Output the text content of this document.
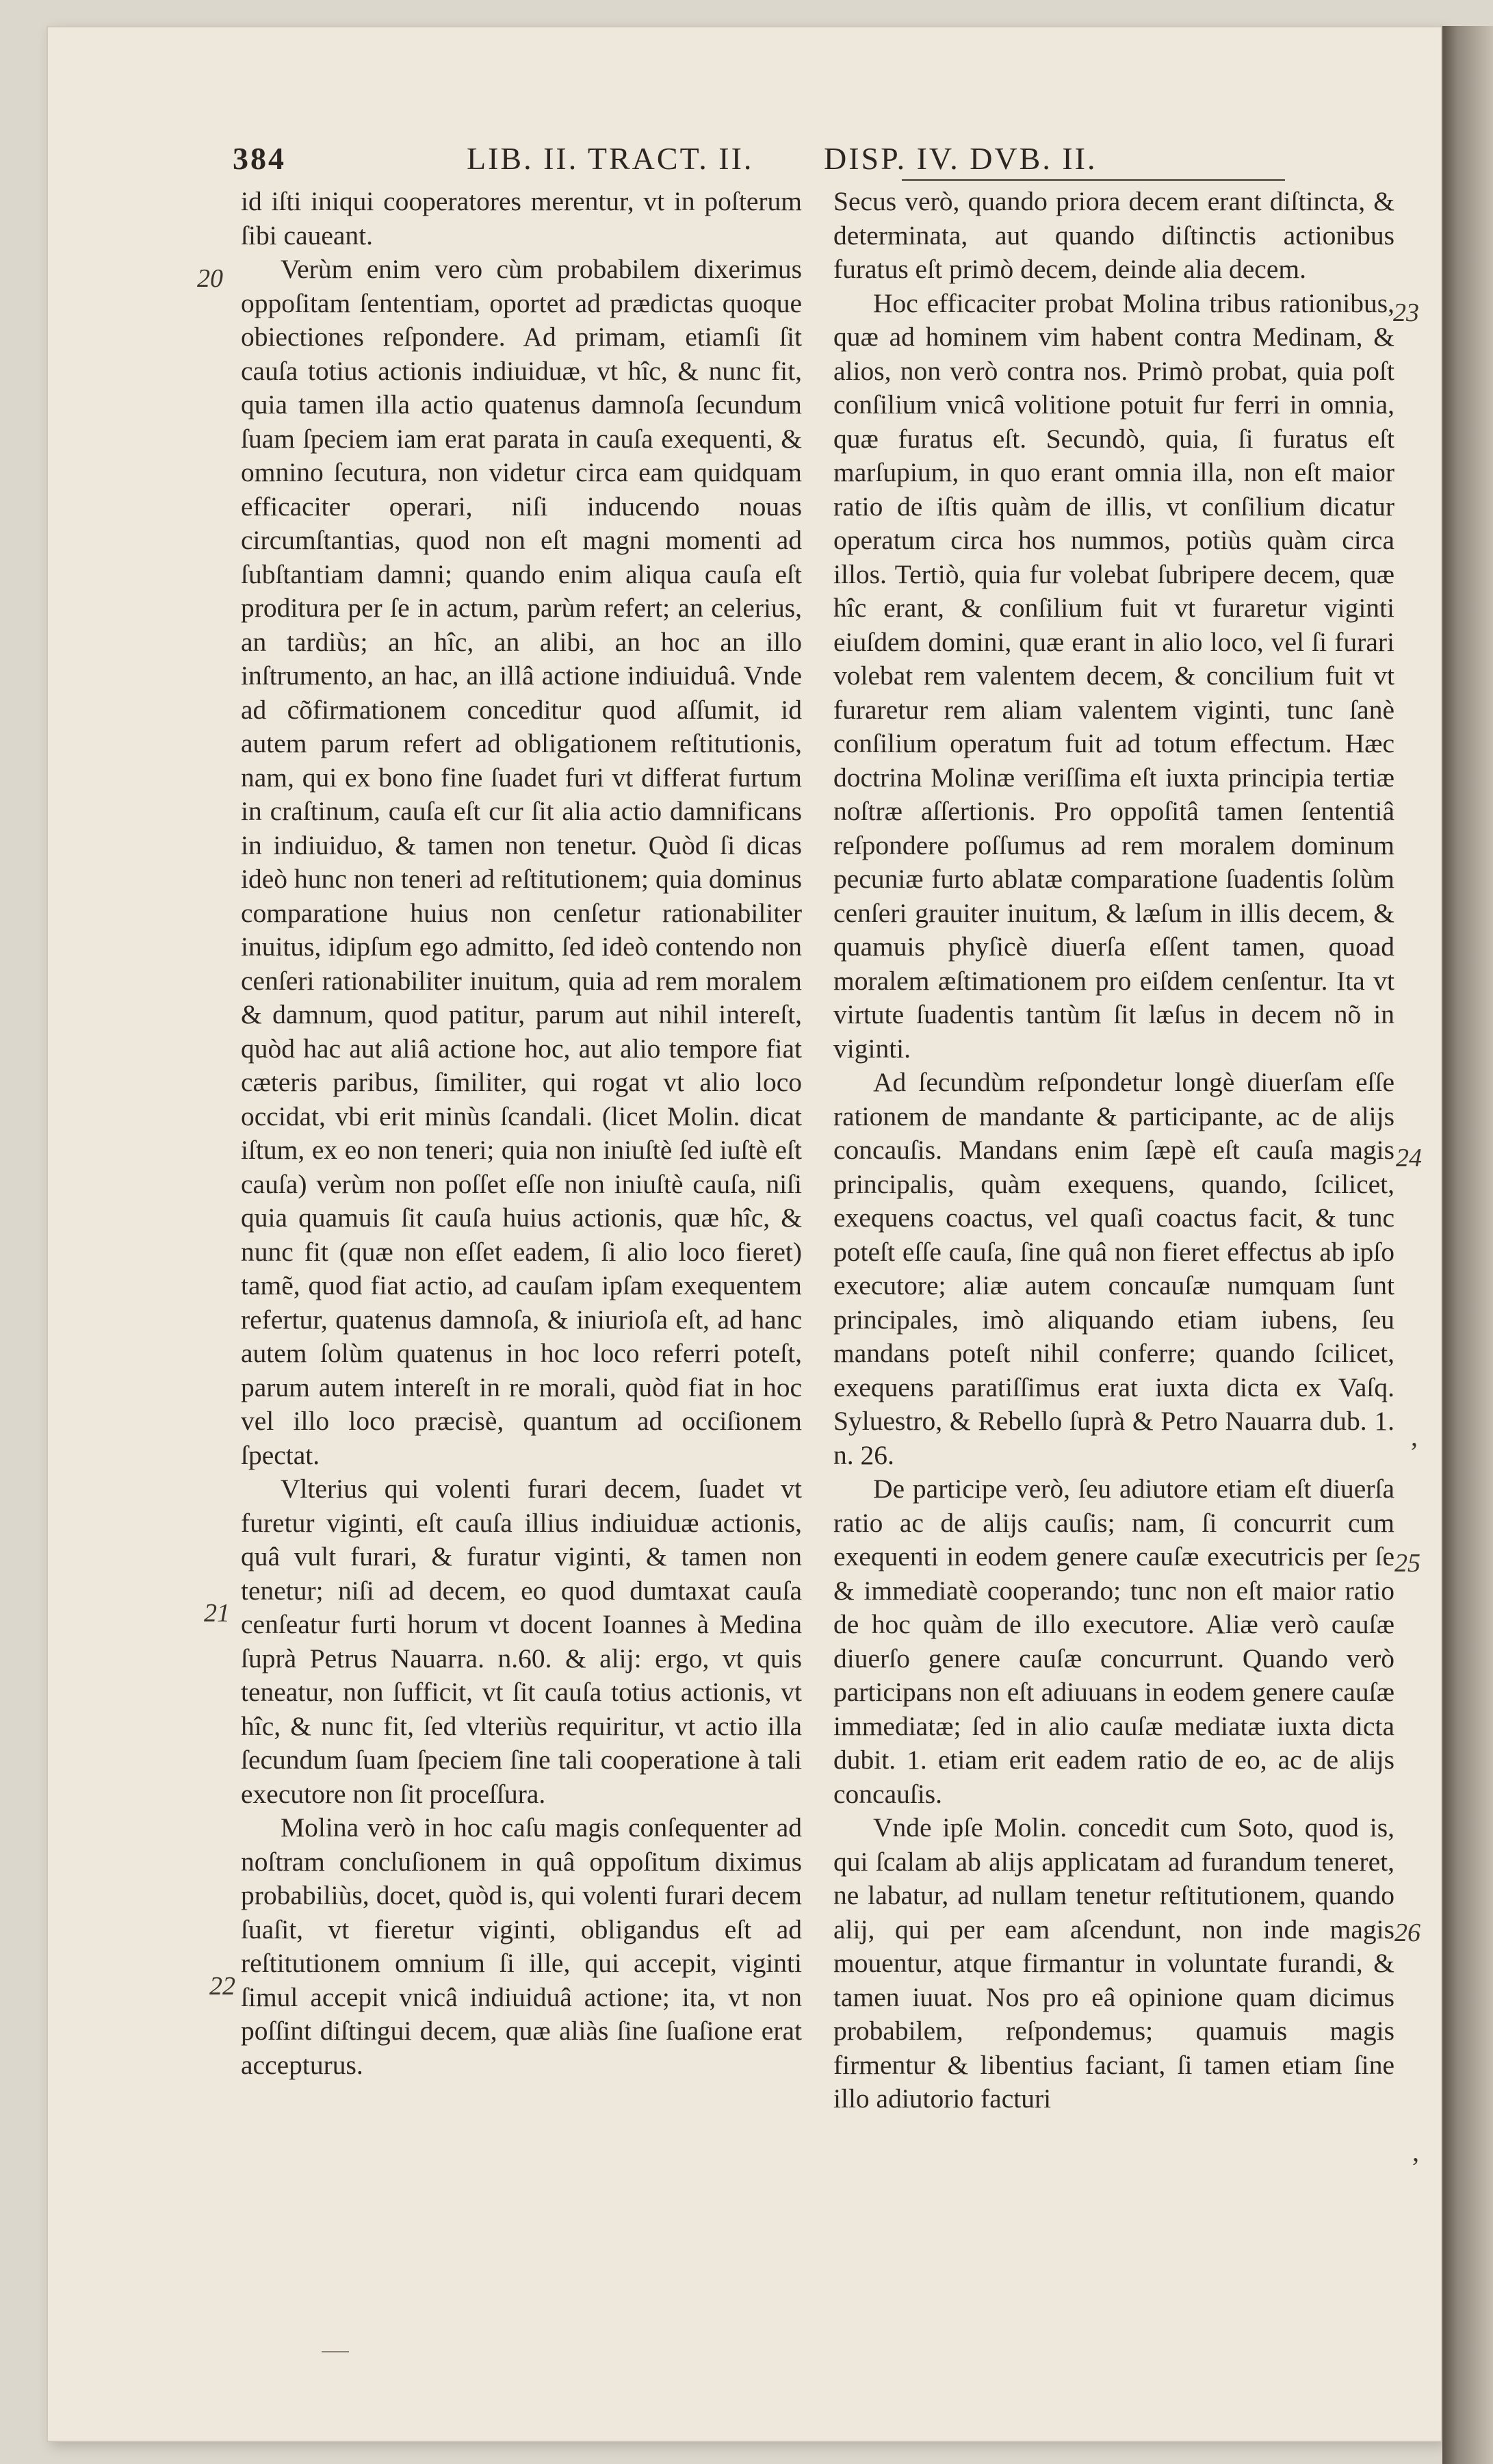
384	LIB. II. TRACT. II. DISP. IV. DVB. II.

id iſti iniqui cooperatores merentur, vt in poſterum ſibi caueant.

Verùm enim vero cùm probabilem dixerimus oppoſitam ſententiam, oportet ad prædictas quoque obiectiones reſpondere. Ad primam, etiamſi ſit cauſa totius actionis indiuiduæ, vt hîc, & nunc fit, quia tamen illa actio quatenus damnoſa ſecundum ſuam ſpeciem iam erat parata in cauſa exequenti, & omnino ſecutura, non videtur circa eam quidquam efficaciter operari, niſi inducendo nouas circumſtantias, quod non eſt magni momenti ad ſubſtantiam damni; quando enim aliqua cauſa eſt proditura per ſe in actum, parùm refert; an celerius, an tardiùs; an hîc, an alibi, an hoc an illo inſtrumento, an hac, an illâ actione indiuiduâ. Vnde ad cõfirmationem conceditur quod aſſumit, id autem parum refert ad obligationem reſtitutionis, nam, qui ex bono fine ſuadet furi vt differat furtum in craſtinum, cauſa eſt cur ſit alia actio damnificans in indiuiduo, & tamen non tenetur. Quòd ſi dicas ideò hunc non teneri ad reſtitutionem; quia dominus comparatione huius non cenſetur rationabiliter inuitus, idipſum ego admitto, ſed ideò contendo non cenſeri rationabiliter inuitum, quia ad rem moralem & damnum, quod patitur, parum aut nihil intereſt, quòd hac aut aliâ actione hoc, aut alio tempore fiat cæteris paribus, ſimiliter, qui rogat vt alio loco occidat, vbi erit minùs ſcandali. (licet Molin. dicat iſtum, ex eo non teneri; quia non iniuſtè ſed iuſtè eſt cauſa) verùm non poſſet eſſe non iniuſtè cauſa, niſi quia quamuis ſit cauſa huius actionis, quæ hîc, & nunc fit (quæ non eſſet eadem, ſi alio loco fieret) tamẽ, quod fiat actio, ad cauſam ipſam exequentem refertur, quatenus damnoſa, & iniurioſa eſt, ad hanc autem ſolùm quatenus in hoc loco referri poteſt, parum autem intereſt in re morali, quòd fiat in hoc vel illo loco præcisè, quantum ad occiſionem ſpectat.

Vlterius qui volenti furari decem, ſuadet vt furetur viginti, eſt cauſa illius indiuiduæ actionis, quâ vult furari, & furatur viginti, & tamen non tenetur; niſi ad decem, eo quod dumtaxat cauſa cenſeatur furti horum vt docent Ioannes à Medina ſuprà Petrus Nauarra. n.60. & alij: ergo, vt quis teneatur, non ſufficit, vt ſit cauſa totius actionis, vt hîc, & nunc fit, ſed vlteriùs requiritur, vt actio illa ſecundum ſuam ſpeciem ſine tali cooperatione à tali executore non ſit proceſſura.

Molina verò in hoc caſu magis conſequenter ad noſtram concluſionem in quâ oppoſitum diximus probabiliùs, docet, quòd is, qui volenti furari decem ſuaſit, vt fieretur viginti, obligandus eſt ad reſtitutionem omnium ſi ille, qui accepit, viginti ſimul accepit vnicâ indiuiduâ actione; ita, vt non poſſint diſtingui decem, quæ aliàs ſine ſuaſione erat accepturus.

Secus verò, quando priora decem erant diſtincta, & determinata, aut quando diſtinctis actionibus furatus eſt primò decem, deinde alia decem.

Hoc efficaciter probat Molina tribus rationibus, quæ ad hominem vim habent contra Medinam, & alios, non verò contra nos. Primò probat, quia poſt conſilium vnicâ volitione potuit fur ferri in omnia, quæ furatus eſt. Secundò, quia, ſi furatus eſt marſupium, in quo erant omnia illa, non eſt maior ratio de iſtis quàm de illis, vt conſilium dicatur operatum circa hos nummos, potiùs quàm circa illos. Tertiò, quia fur volebat ſubripere decem, quæ hîc erant, & conſilium fuit vt furaretur viginti eiuſdem domini, quæ erant in alio loco, vel ſi furari volebat rem valentem decem, & concilium fuit vt furaretur rem aliam valentem viginti, tunc ſanè conſilium operatum fuit ad totum effectum. Hæc doctrina Molinæ veriſſima eſt iuxta principia tertiæ noſtræ aſſertionis. Pro oppoſitâ tamen ſententiâ reſpondere poſſumus ad rem moralem dominum pecuniæ furto ablatæ comparatione ſuadentis ſolùm cenſeri grauiter inuitum, & læſum in illis decem, & quamuis phyſicè diuerſa eſſent tamen, quoad moralem æſtimationem pro eiſdem cenſentur. Ita vt virtute ſuadentis tantùm ſit læſus in decem nõ in viginti.

Ad ſecundùm reſpondetur longè diuerſam eſſe rationem de mandante & participante, ac de alijs concauſis. Mandans enim ſæpè eſt cauſa magis principalis, quàm exequens, quando, ſcilicet, exequens coactus, vel quaſi coactus facit, & tunc poteſt eſſe cauſa, ſine quâ non fieret effectus ab ipſo executore; aliæ autem concauſæ numquam ſunt principales, imò aliquando etiam iubens, ſeu mandans poteſt nihil conferre; quando ſcilicet, exequens paratiſſimus erat iuxta dicta ex Vaſq. Syluestro, & Rebello ſuprà & Petro Nauarra dub. 1. n. 26.

De participe verò, ſeu adiutore etiam eſt diuerſa ratio ac de alijs cauſis; nam, ſi concurrit cum exequenti in eodem genere cauſæ executricis per ſe & immediatè cooperando; tunc non eſt maior ratio de hoc quàm de illo executore. Aliæ verò cauſæ diuerſo genere cauſæ concurrunt. Quando verò participans non eſt adiuuans in eodem genere cauſæ immediatæ; ſed in alio cauſæ mediatæ iuxta dicta dubit. 1. etiam erit eadem ratio de eo, ac de alijs concauſis.

Vnde ipſe Molin. concedit cum Soto, quod is, qui ſcalam ab alijs applicatam ad furandum teneret, ne labatur, ad nullam tenetur reſtitutionem, quando alij, qui per eam aſcendunt, non inde magis mouentur, atque firmantur in voluntate furandi, & tamen iuuat. Nos pro eâ opinione quam dicimus probabilem, reſpondemus; quamuis magis firmentur & libentius faciant, ſi tamen etiam ſine illo adiutorio facturi

20
21
22
23
24
25
26
,
,
